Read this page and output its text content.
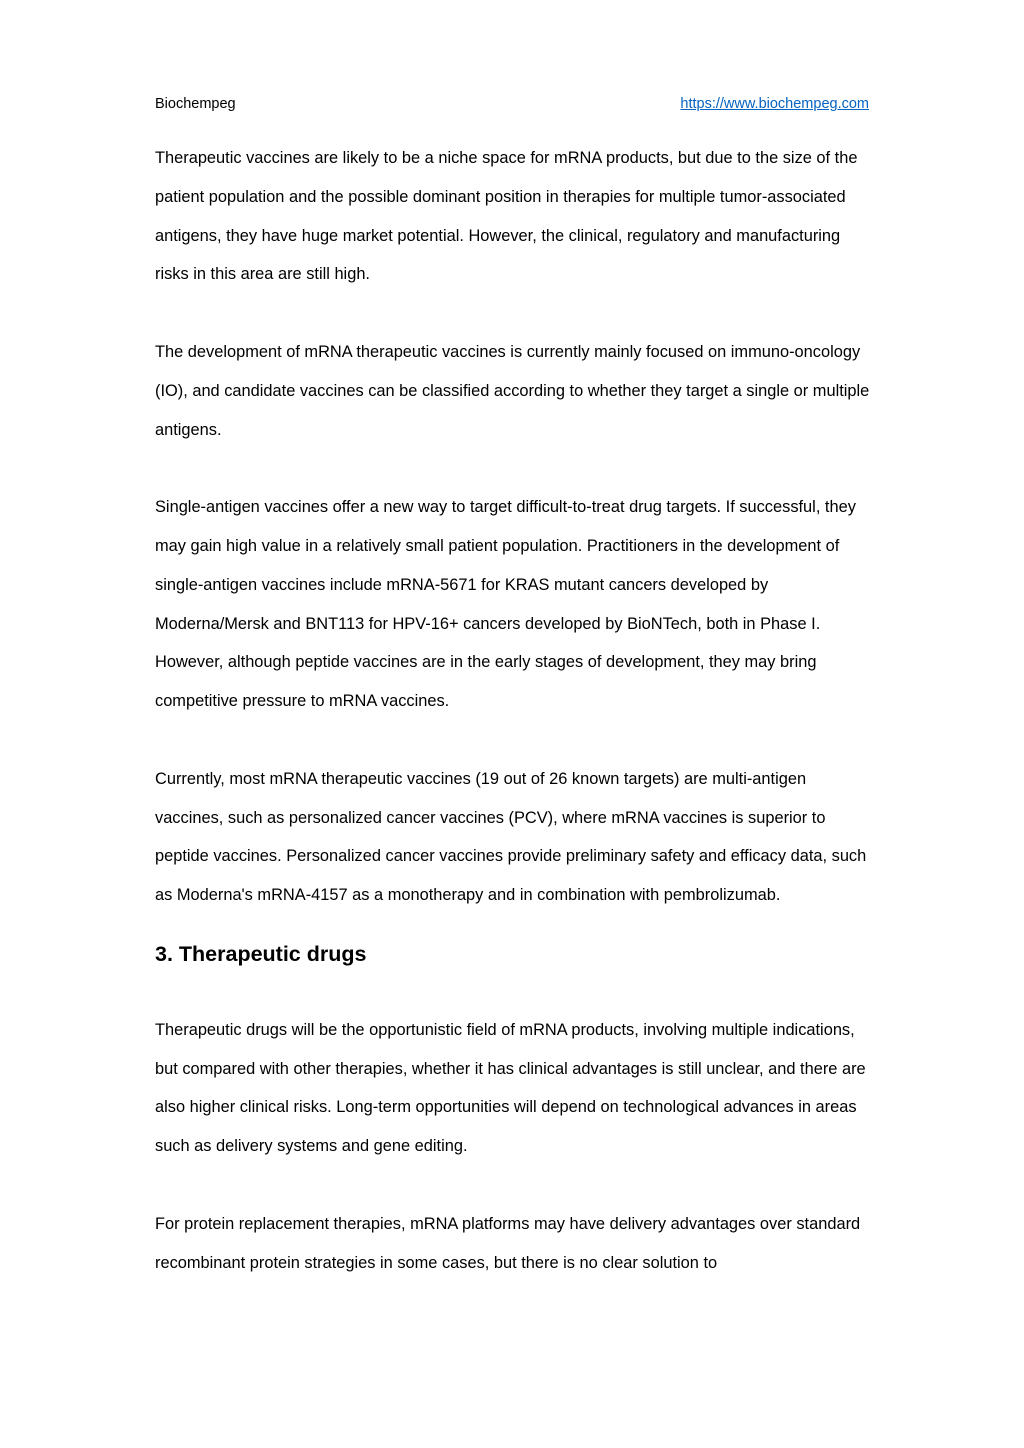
Biochempeg	https://www.biochempeg.com

Therapeutic vaccines are likely to be a niche space for mRNA products, but due to the size of the patient population and the possible dominant position in therapies for multiple tumor-associated antigens, they have huge market potential. However, the clinical, regulatory and manufacturing risks in this area are still high.

The development of mRNA therapeutic vaccines is currently mainly focused on immuno-oncology (IO), and candidate vaccines can be classified according to whether they target a single or multiple antigens.

Single-antigen vaccines offer a new way to target difficult-to-treat drug targets. If successful, they may gain high value in a relatively small patient population. Practitioners in the development of single-antigen vaccines include mRNA-5671 for KRAS mutant cancers developed by Moderna/Mersk and BNT113 for HPV-16+ cancers developed by BioNTech, both in Phase I. However, although peptide vaccines are in the early stages of development, they may bring competitive pressure to mRNA vaccines.

Currently, most mRNA therapeutic vaccines (19 out of 26 known targets) are multi-antigen vaccines, such as personalized cancer vaccines (PCV), where mRNA vaccines is superior to peptide vaccines. Personalized cancer vaccines provide preliminary safety and efficacy data, such as Moderna's mRNA-4157 as a monotherapy and in combination with pembrolizumab.

3. Therapeutic drugs

Therapeutic drugs will be the opportunistic field of mRNA products, involving multiple indications, but compared with other therapies, whether it has clinical advantages is still unclear, and there are also higher clinical risks. Long-term opportunities will depend on technological advances in areas such as delivery systems and gene editing.

For protein replacement therapies, mRNA platforms may have delivery advantages over standard recombinant protein strategies in some cases, but there is no clear solution to
